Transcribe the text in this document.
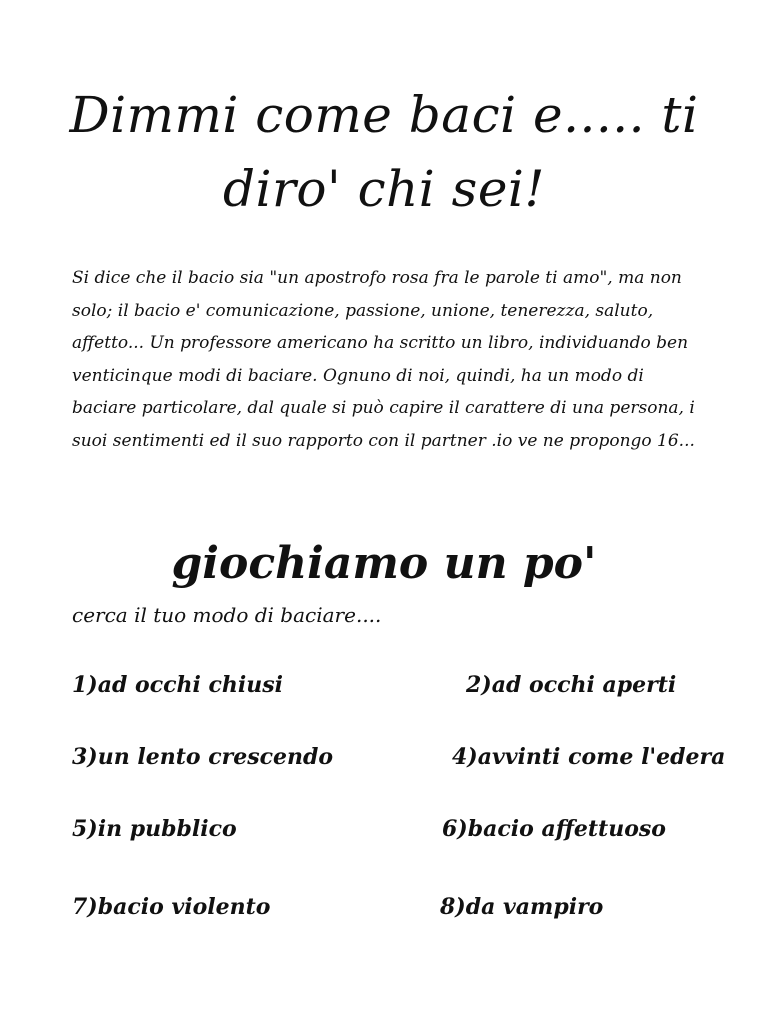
Dimmi come baci e..... ti diro' chi sei!

Si dice che il bacio sia "un apostrofo rosa fra le parole ti amo", ma non solo; il bacio e' comunicazione, passione, unione, tenerezza, saluto, affetto... Un professore americano ha scritto un libro, individuando ben venticinque modi di baciare. Ognuno di noi, quindi, ha un modo di baciare particolare, dal quale si può capire il carattere di una persona, i suoi sentimenti ed il suo rapporto con il partner .io ve ne propongo 16...

giochiamo un po'

cerca il tuo modo di baciare....

1)ad occhi chiusi	2)ad occhi aperti
3)un lento crescendo	4)avvinti come l'edera
5)in pubblico	6)bacio affettuoso
7)bacio violento	8)da vampiro
